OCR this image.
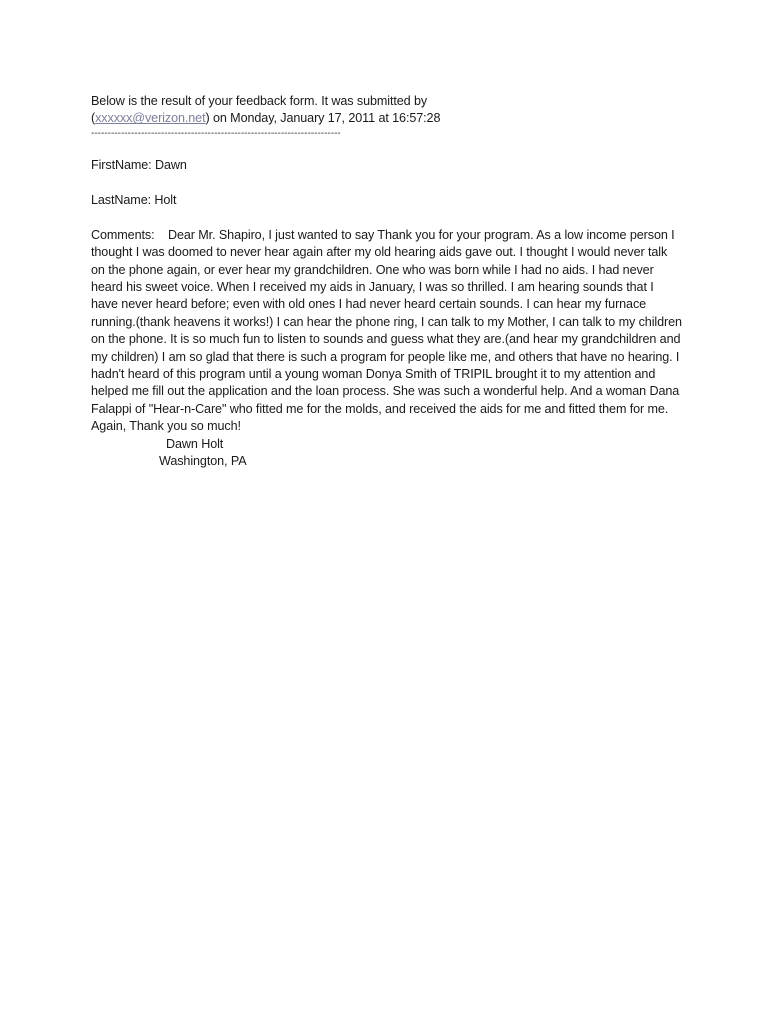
Below is the result of your feedback form. It was submitted by
(xxxxxx@verizon.net) on Monday, January 17, 2011 at 16:57:28
---------------------------------------------------------------------------
FirstName: Dawn
LastName: Holt
Comments: Dear Mr. Shapiro, I just wanted to say Thank you for your program. As a low income person I thought I was doomed to never hear again after my old hearing aids gave out. I thought I would never talk on the phone again, or ever hear my grandchildren. One who was born while I had no aids. I had never heard his sweet voice. When I received my aids in January, I was so thrilled. I am hearing sounds that I have never heard before; even with old ones I had never heard certain sounds. I can hear my furnace running.(thank heavens it works!) I can hear the phone ring, I can talk to my Mother, I can talk to my children on the phone. It is so much fun to listen to sounds and guess what they are.(and hear my grandchildren and my children) I am so glad that there is such a program for people like me, and others that have no hearing. I hadn't heard of this program until a young woman Donya Smith of TRIPIL brought it to my attention and helped me fill out the application and the loan process. She was such a wonderful help. And a woman Dana Falappi of "Hear-n-Care" who fitted me for the molds, and received the aids for me and fitted them for me. Again, Thank you so much!
Dawn Holt
Washington, PA
